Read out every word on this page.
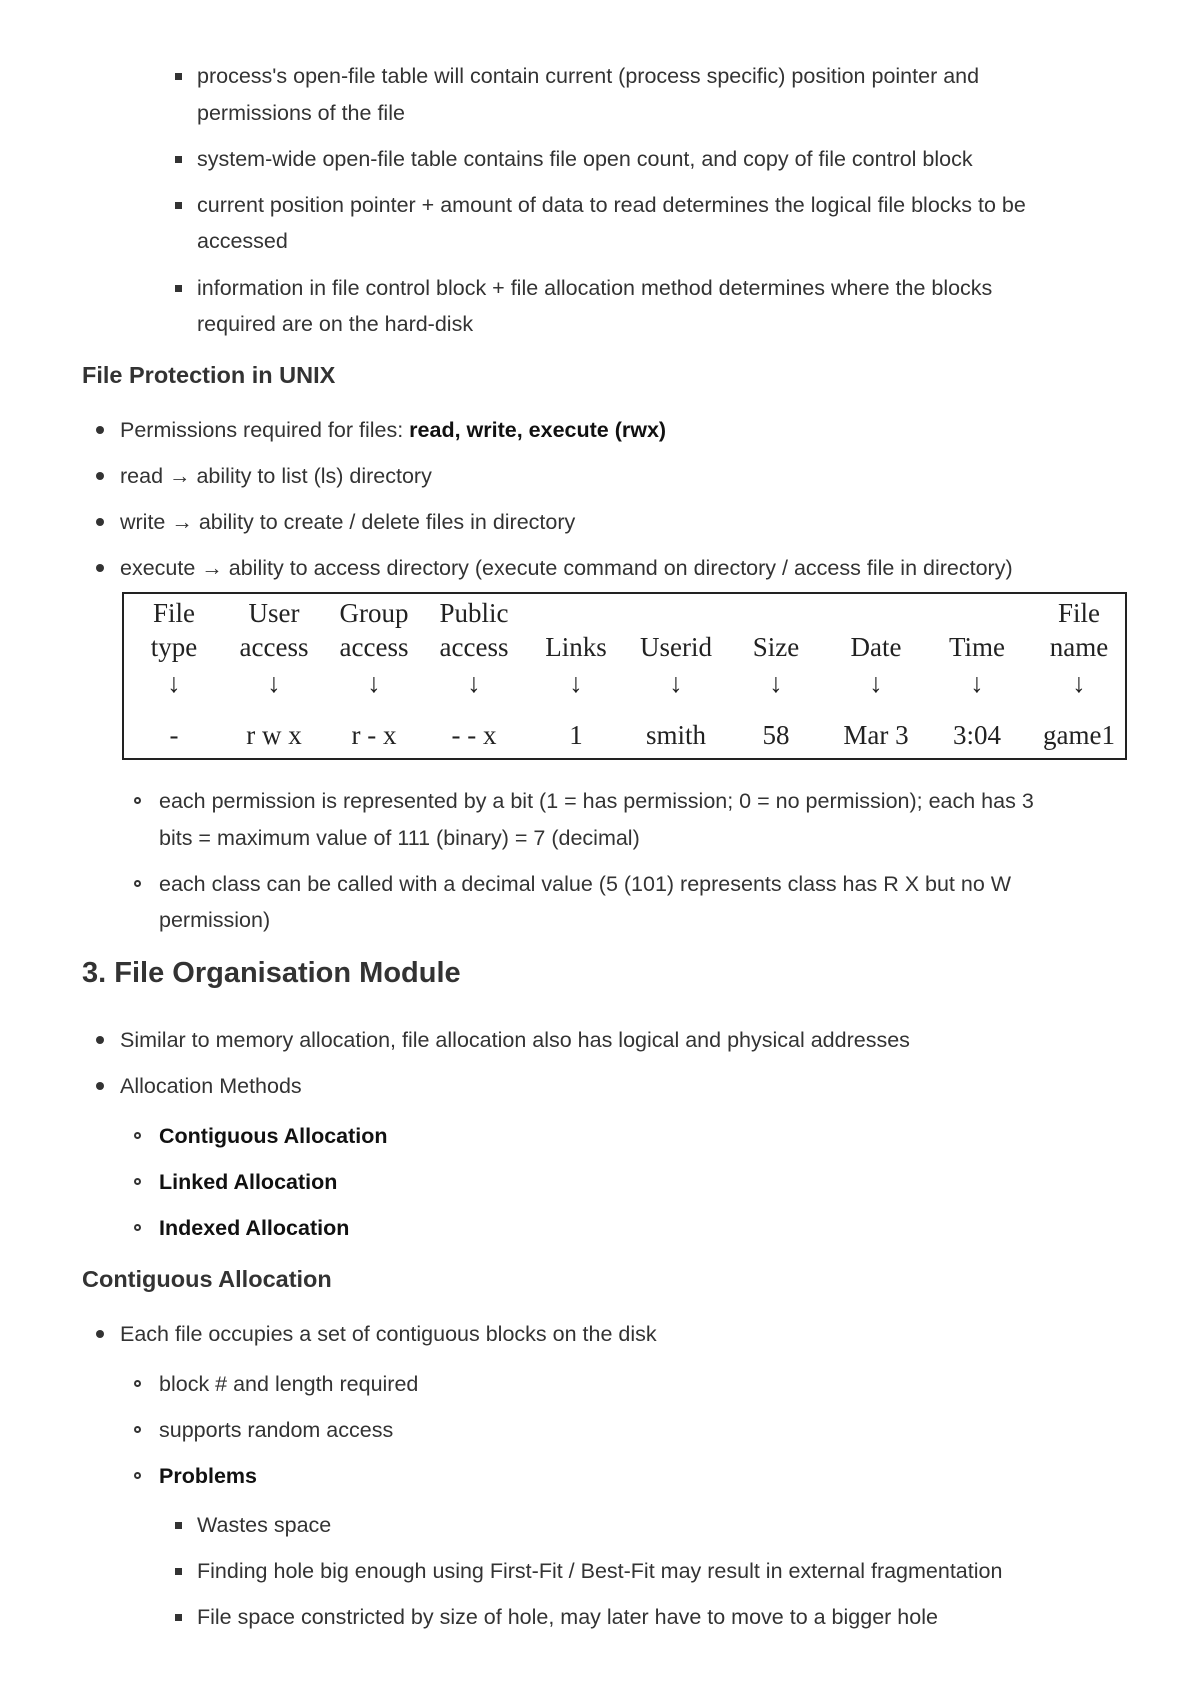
process's open-file table will contain current (process specific) position pointer and
permissions of the file
system-wide open-file table contains file open count, and copy of file control block
current position pointer + amount of data to read determines the logical file blocks to be
accessed
information in file control block + file allocation method determines where the blocks
required are on the hard-disk
File Protection in UNIX
Permissions required for files: read, write, execute (rwx)
read → ability to list (ls) directory
write → ability to create / delete files in directory
execute → ability to access directory (execute command on directory / access file in directory)
File
type
↓
-
User
access
↓
r w x
Group
access
↓
r - x
Public
access
↓
- - x
Links
↓
1
Userid
↓
smith
Size
↓
58
Date
↓
Mar 3
Time
↓
3:04
File
name
↓
game1
each permission is represented by a bit (1 = has permission; 0 = no permission); each has 3
bits = maximum value of 111 (binary) = 7 (decimal)
each class can be called with a decimal value (5 (101) represents class has R X but no W
permission)
3. File Organisation Module
Similar to memory allocation, file allocation also has logical and physical addresses
Allocation Methods
Contiguous Allocation
Linked Allocation
Indexed Allocation
Contiguous Allocation
Each file occupies a set of contiguous blocks on the disk
block # and length required
supports random access
Problems
Wastes space
Finding hole big enough using First-Fit / Best-Fit may result in external fragmentation
File space constricted by size of hole, may later have to move to a bigger hole
